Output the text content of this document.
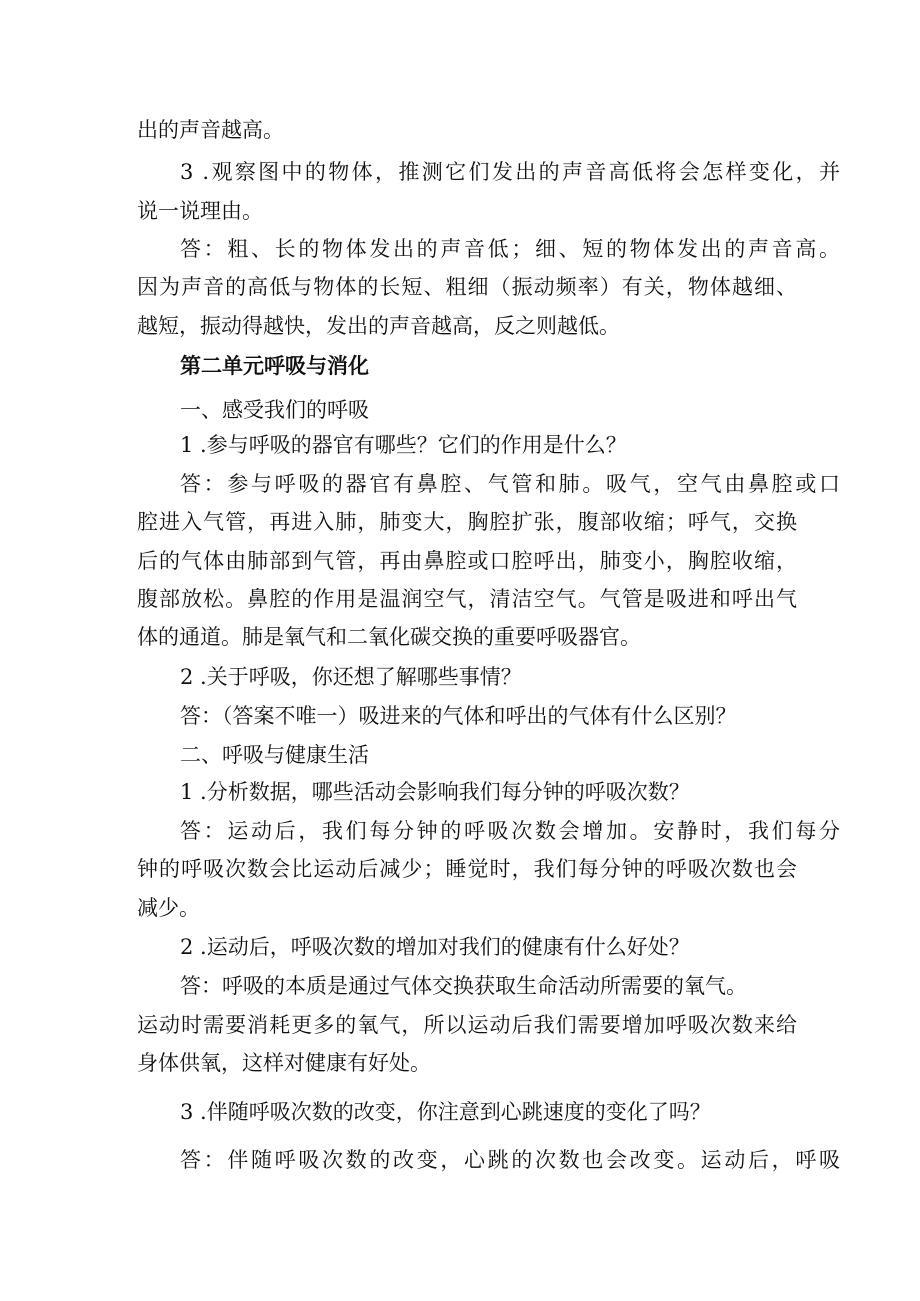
出的声音越高。
3 .观察图中的物体，推测它们发出的声音高低将会怎样变化，并
说一说理由。
答：粗、长的物体发出的声音低；细、短的物体发出的声音高。
因为声音的高低与物体的长短、粗细（振动频率）有关，物体越细、
越短，振动得越快，发出的声音越高，反之则越低。
第二单元呼吸与消化
一、感受我们的呼吸
1 .参与呼吸的器官有哪些？它们的作用是什么？
答：参与呼吸的器官有鼻腔、气管和肺。吸气，空气由鼻腔或口
腔进入气管，再进入肺，肺变大，胸腔扩张，腹部收缩；呼气，交换
后的气体由肺部到气管，再由鼻腔或口腔呼出，肺变小，胸腔收缩，
腹部放松。鼻腔的作用是温润空气，清洁空气。气管是吸进和呼出气
体的通道。肺是氧气和二氧化碳交换的重要呼吸器官。
2 .关于呼吸，你还想了解哪些事情？
答：（答案不唯一）吸进来的气体和呼出的气体有什么区别？
二、呼吸与健康生活
1 .分析数据，哪些活动会影响我们每分钟的呼吸次数？
答：运动后，我们每分钟的呼吸次数会增加。安静时，我们每分
钟的呼吸次数会比运动后减少；睡觉时，我们每分钟的呼吸次数也会
减少。
2 .运动后，呼吸次数的增加对我们的健康有什么好处？
答：呼吸的本质是通过气体交换获取生命活动所需要的氧气。
运动时需要消耗更多的氧气，所以运动后我们需要增加呼吸次数来给
身体供氧，这样对健康有好处。
3 .伴随呼吸次数的改变，你注意到心跳速度的变化了吗？
答：伴随呼吸次数的改变，心跳的次数也会改变。运动后，呼吸
